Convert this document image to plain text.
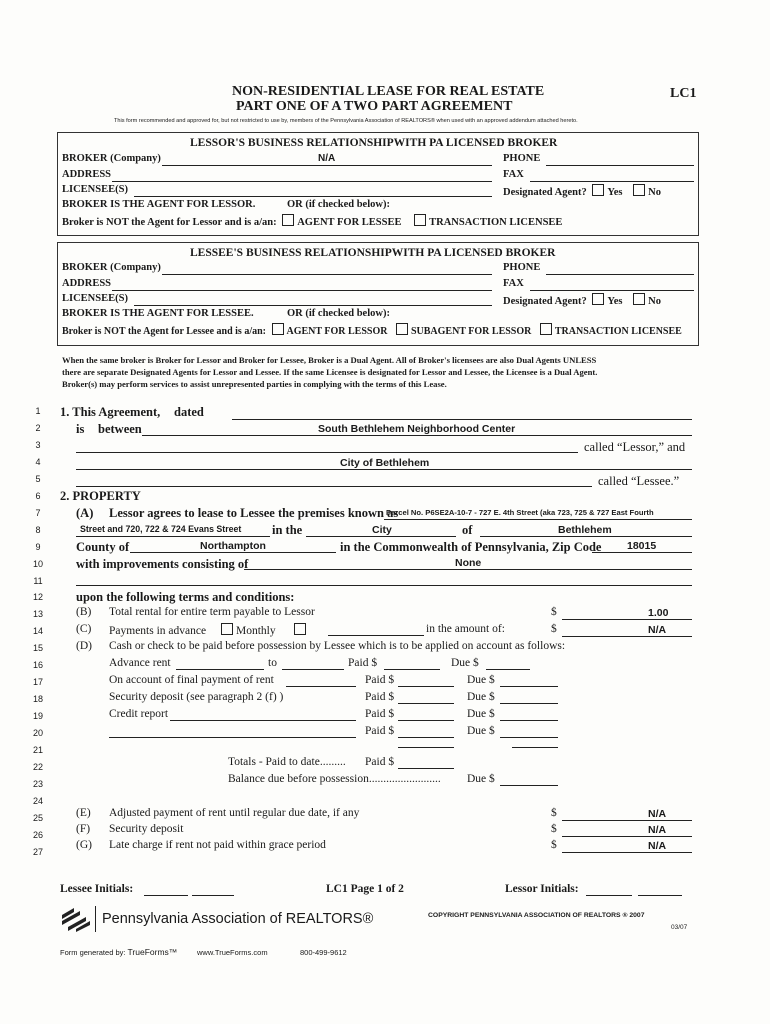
NON-RESIDENTIAL LEASE FOR REAL ESTATE
PART ONE OF A TWO PART AGREEMENT
LC1
This form recommended and approved for, but not restricted to use by, members of the Pennsylvania Association of REALTORS® when used with an approved addendum attached hereto.
LESSOR'S BUSINESS RELATIONSHIPWITH PA LICENSED BROKER
BROKER (Company)	N/A	PHONE
ADDRESS	FAX
LICENSEE(S)	Designated Agent? Yes No
BROKER IS THE AGENT FOR LESSOR.	OR (if checked below):
Broker is NOT the Agent for Lessor and is a/an: AGENT FOR LESSEE	TRANSACTION LICENSEE
LESSEE'S BUSINESS RELATIONSHIPWITH PA LICENSED BROKER
BROKER (Company)	PHONE
ADDRESS	FAX
LICENSEE(S)	Designated Agent? Yes No
BROKER IS THE AGENT FOR LESSEE.	OR (if checked below):
Broker is NOT the Agent for Lessee and is a/an: AGENT FOR LESSOR SUBAGENT FOR LESSOR TRANSACTION LICENSEE
When the same broker is Broker for Lessor and Broker for Lessee, Broker is a Dual Agent. All of Broker's licensees are also Dual Agents UNLESS
there are separate Designated Agents for Lessor and Lessee. If the same Licensee is designated for Lessor and Lessee, the Licensee is a Dual Agent.
Broker(s) may perform services to assist unrepresented parties in complying with the terms of this Lease.
1
2
3
4
5
6
7
8
9
10
11
12
13
14
15
16
17
18
19
20
21
22
23
24
25
26
27
1. This Agreement, dated
is between	South Bethlehem Neighborhood Center
called “Lessor,” and
City of Bethlehem
called “Lessee.”
2. PROPERTY
(A) Lessor agrees to lease to Lessee the premises known as
Parcel No. P6SE2A-10-7 - 727 E. 4th Street (aka 723, 725 & 727 East Fourth
Street and 720, 722 & 724 Evans Street in the	City	of	Bethlehem
County of	Northampton	in the Commonwealth of Pennsylvania, Zip Code 18015
with improvements consisting of	None
upon the following terms and conditions:
(B) Total rental for entire term payable to Lessor	$	1.00
(C) Payments in advance	Monthly	in the amount of:	$	N/A
(D) Cash or check to be paid before possession by Lessee which is to be applied on account as follows:
Advance rent	to	Paid $	Due $
On account of final payment of rent	Paid $	Due $
Security deposit (see paragraph 2 (f) )	Paid $	Due $
Credit report	Paid $	Due $
Paid $	Due $
Totals - Paid to date......... Paid $
Balance due before possession......................... Due $
(E) Adjusted payment of rent until regular due date, if any	$	N/A
(F) Security deposit	$	N/A
(G) Late charge if rent not paid within grace period	$	N/A
Lessee Initials:	LC1 Page 1 of 2	Lessor Initials:
Pennsylvania Association of REALTORS®	COPYRIGHT PENNSYLVANIA ASSOCIATION OF REALTORS ® 2007
03/07
Form generated by: TrueForms™	www.TrueForms.com	800-499-9612
